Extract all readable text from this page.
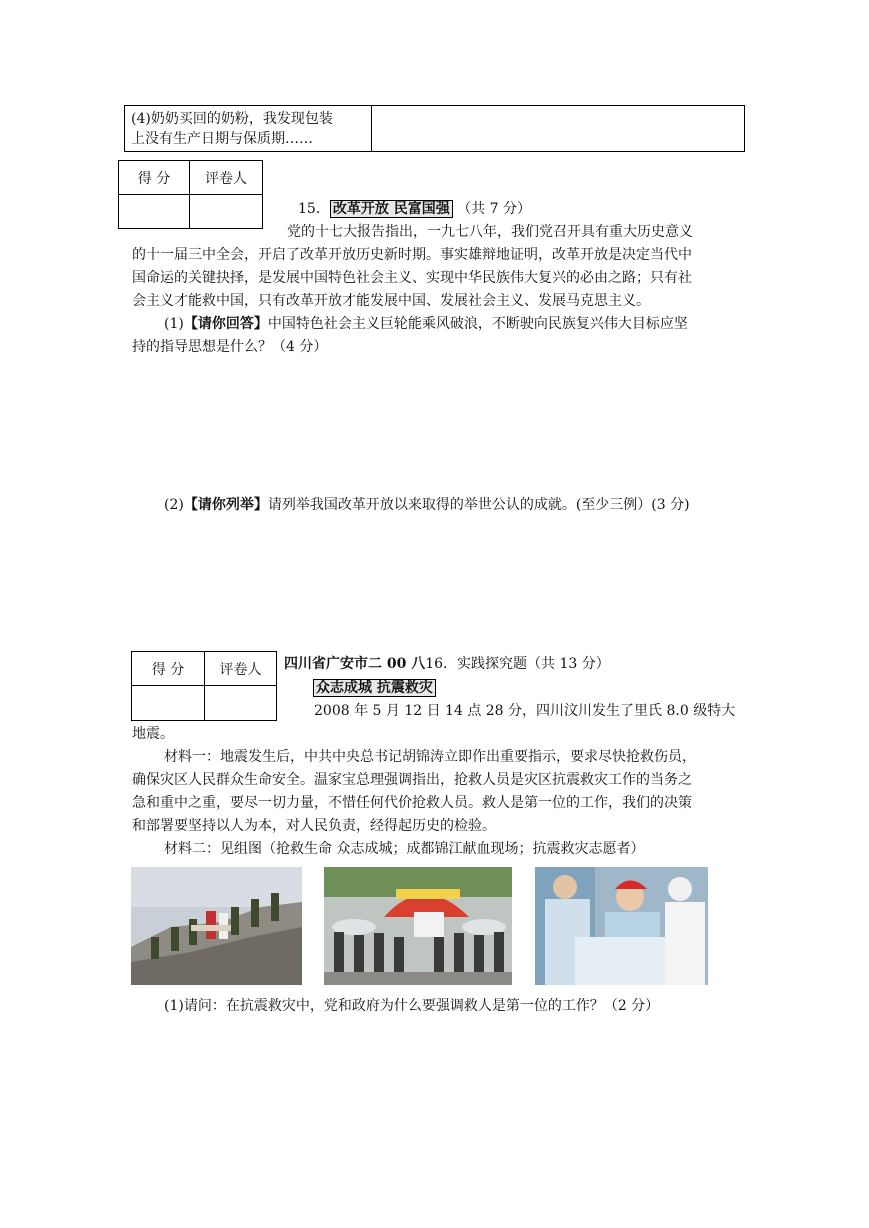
(4)奶奶买回的奶粉，我发现包装
上没有生产日期与保质期……

得 分	评卷人

15． 改革开放 民富国强 （共 7 分）
党的十七大报告指出，一九七八年，我们党召开具有重大历史意义
的十一届三中全会，开启了改革开放历史新时期。事实雄辩地证明，改革开放是决定当代中
国命运的关键抉择，是发展中国特色社会主义、实现中华民族伟大复兴的必由之路；只有社
会主义才能救中国，只有改革开放才能发展中国、发展社会主义、发展马克思主义。
(1)【请你回答】中国特色社会主义巨轮能乘风破浪，不断驶向民族复兴伟大目标应坚
持的指导思想是什么？（4 分）
(2)【请你列举】请列举我国改革开放以来取得的举世公认的成就。(至少三例）(3 分)
得 分	评卷人
	四川省广安市二 00 八16．实践探究题（共 13 分）
众志成城 抗震救灾
2008 年 5 月 12 日 14 点 28 分，四川汶川发生了里氏 8.0 级特大
地震。
材料一：地震发生后，中共中央总书记胡锦涛立即作出重要指示，要求尽快抢救伤员，
确保灾区人民群众生命安全。温家宝总理强调指出，抢救人员是灾区抗震救灾工作的当务之
急和重中之重，要尽一切力量，不惜任何代价抢救人员。救人是第一位的工作，我们的决策
和部署要坚持以人为本，对人民负责，经得起历史的检验。
材料二：见组图（抢救生命 众志成城；成都锦江献血现场；抗震救灾志愿者）
(1)请问：在抗震救灾中，党和政府为什么要强调救人是第一位的工作？（2 分）
